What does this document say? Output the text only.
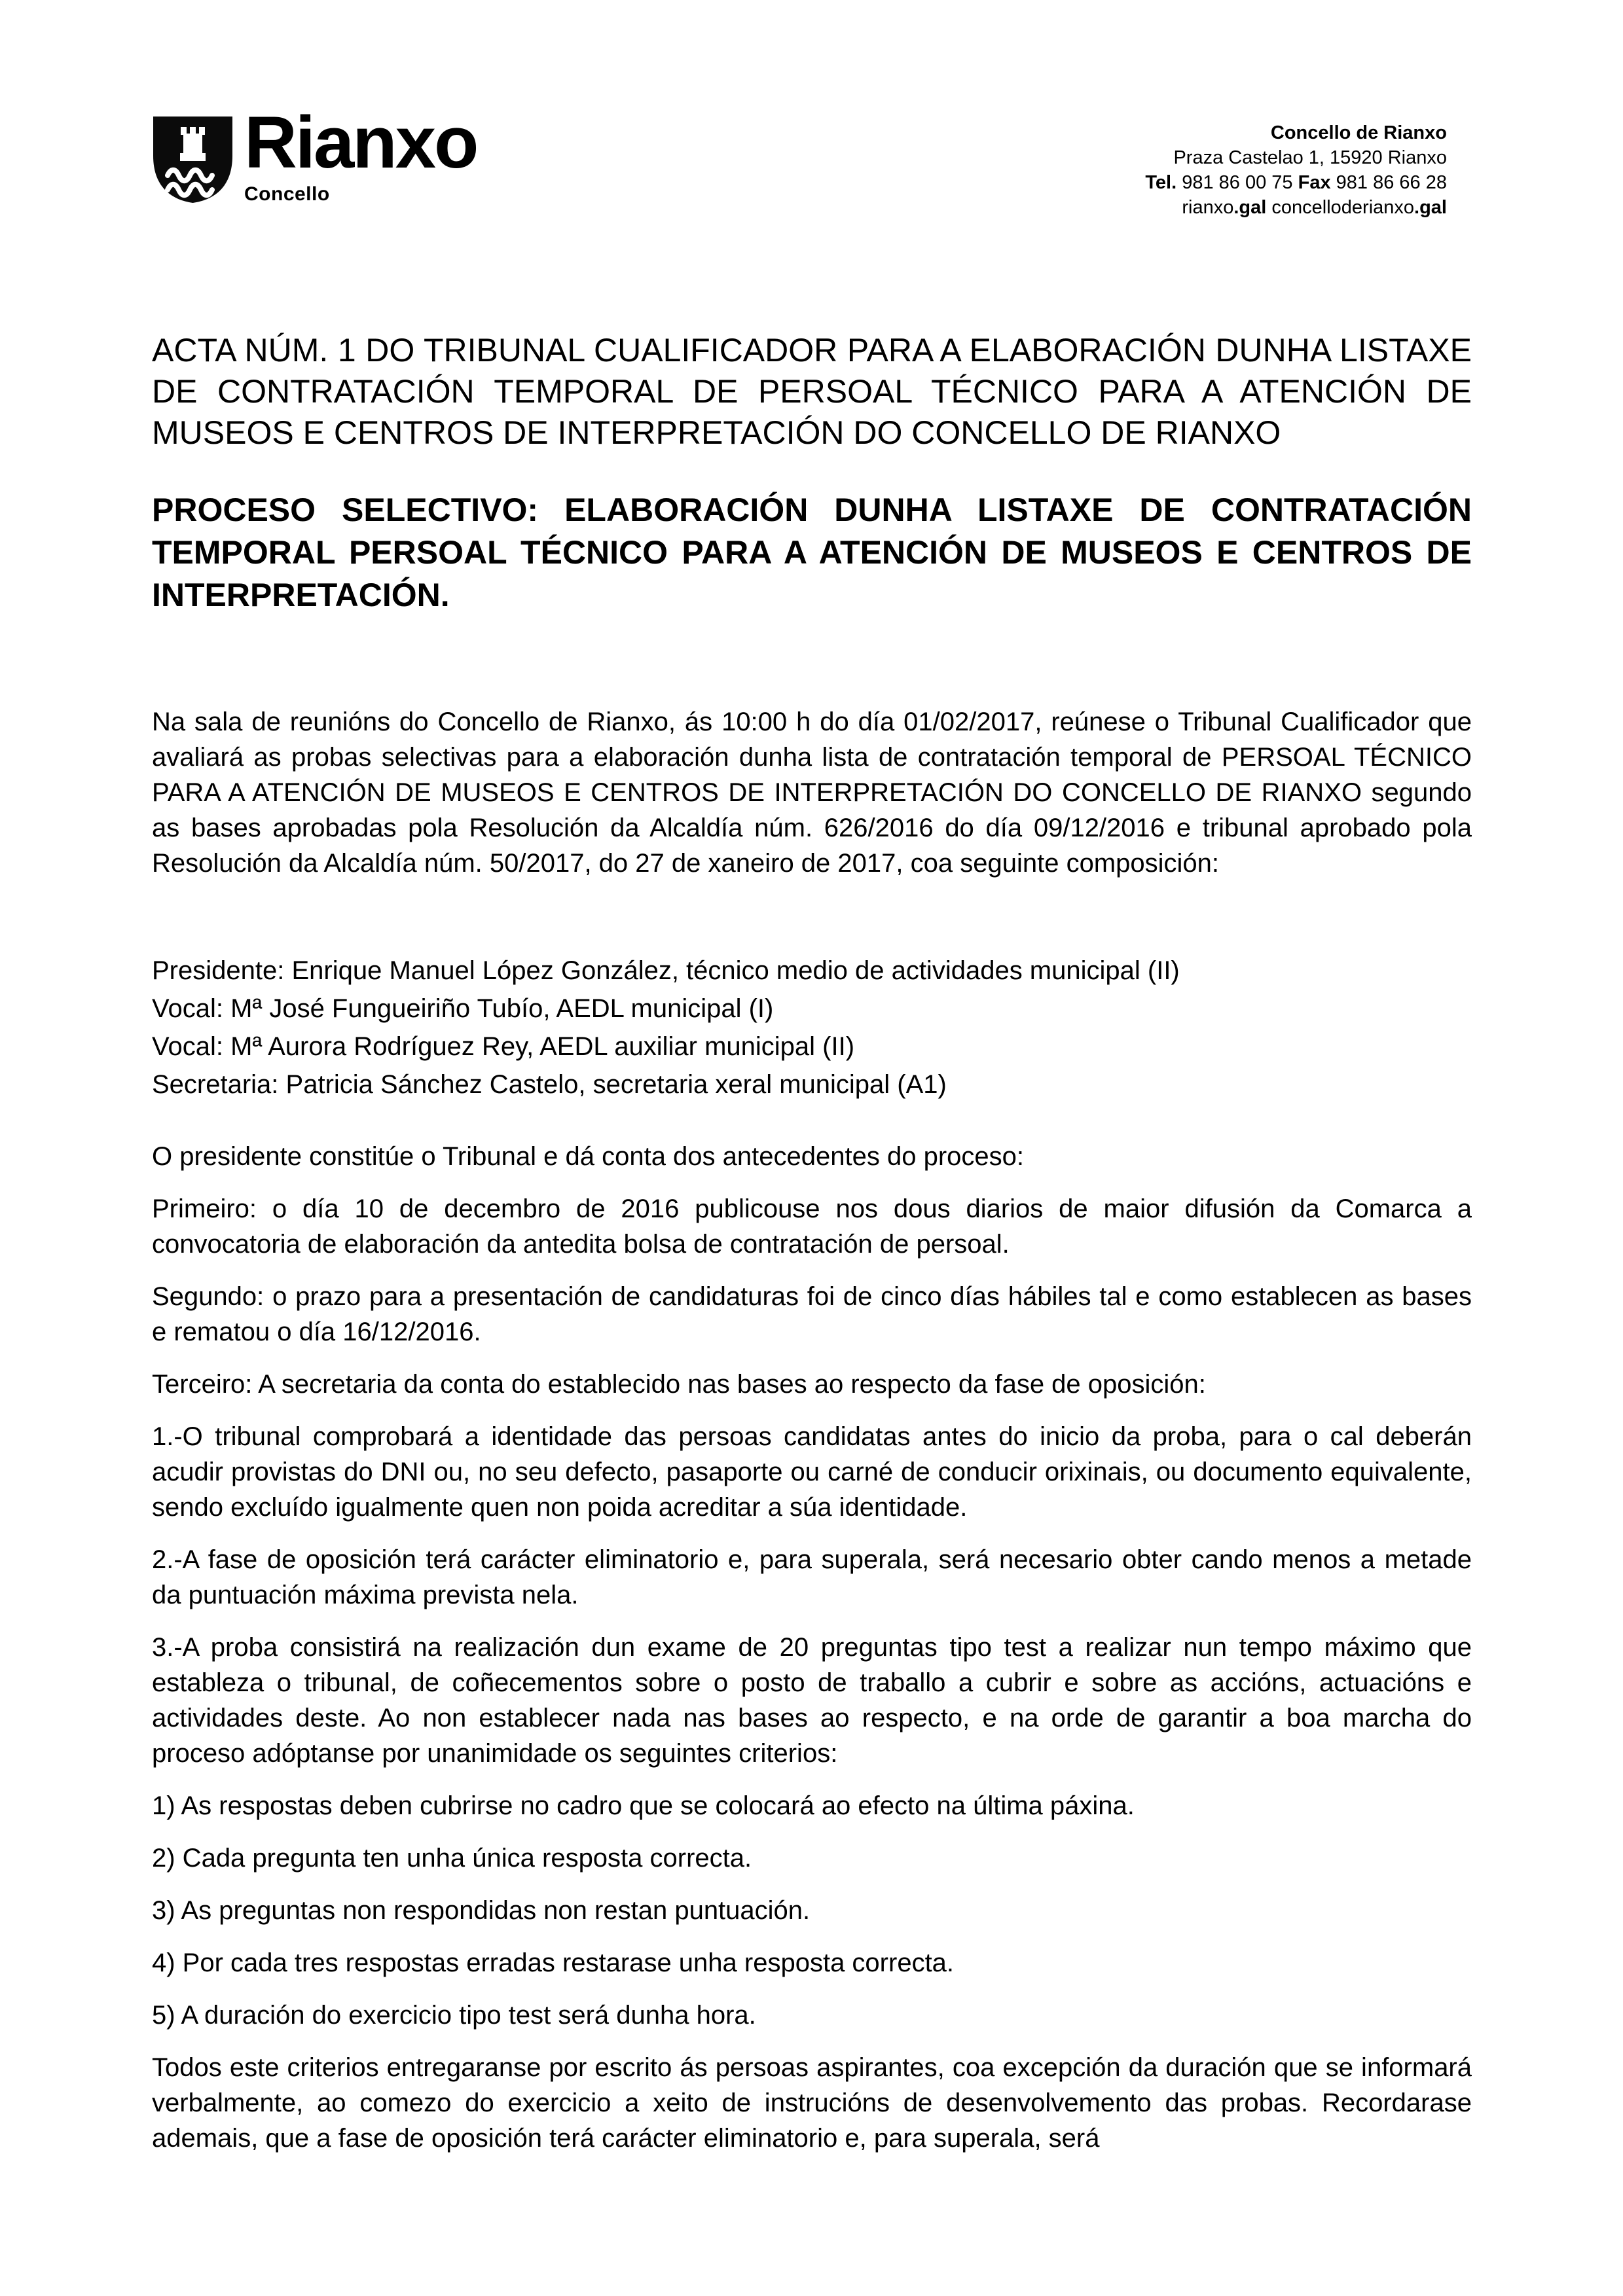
Rianxo
Concello
Concello de Rianxo
Praza Castelao 1, 15920 Rianxo
Tel. 981 86 00 75 Fax 981 86 66 28
rianxo.gal concelloderianxo.gal
ACTA NÚM. 1 DO TRIBUNAL CUALIFICADOR PARA A ELABORACIÓN DUNHA LISTAXE DE CONTRATACIÓN TEMPORAL DE PERSOAL TÉCNICO PARA A ATENCIÓN DE MUSEOS E CENTROS DE INTERPRETACIÓN DO CONCELLO DE RIANXO
PROCESO SELECTIVO: ELABORACIÓN DUNHA LISTAXE DE CONTRATACIÓN TEMPORAL PERSOAL TÉCNICO PARA A ATENCIÓN DE MUSEOS E CENTROS DE INTERPRETACIÓN.

Na sala de reunións do Concello de Rianxo, ás 10:00 h do día 01/02/2017, reúnese o Tribunal Cualificador que avaliará as probas selectivas para a elaboración dunha lista de contratación temporal de PERSOAL TÉCNICO PARA A ATENCIÓN DE MUSEOS E CENTROS DE INTERPRETACIÓN DO CONCELLO DE RIANXO segundo as bases aprobadas pola Resolución da Alcaldía núm. 626/2016 do día 09/12/2016 e tribunal aprobado pola Resolución da Alcaldía núm. 50/2017, do 27 de xaneiro de 2017, coa seguinte composición:

Presidente: Enrique Manuel López González, técnico medio de actividades municipal (II)
Vocal: Mª José Fungueiriño Tubío, AEDL municipal (I)
Vocal: Mª Aurora Rodríguez Rey, AEDL auxiliar municipal (II)
Secretaria: Patricia Sánchez Castelo, secretaria xeral municipal (A1)

O presidente constitúe o Tribunal e dá conta dos antecedentes do proceso:

Primeiro: o día 10 de decembro de 2016 publicouse nos dous diarios de maior difusión da Comarca a convocatoria de elaboración da antedita bolsa de contratación de persoal.

Segundo: o prazo para a presentación de candidaturas foi de cinco días hábiles tal e como establecen as bases e rematou o día 16/12/2016.

Terceiro: A secretaria da conta do establecido nas bases ao respecto da fase de oposición:

1.-O tribunal comprobará a identidade das persoas candidatas antes do inicio da proba, para o cal deberán acudir provistas do DNI ou, no seu defecto, pasaporte ou carné de conducir orixinais, ou documento equivalente, sendo excluído igualmente quen non poida acreditar a súa identidade.

2.-A fase de oposición terá carácter eliminatorio e, para superala, será necesario obter cando menos a metade da puntuación máxima prevista nela.

3.-A proba consistirá na realización dun exame de 20 preguntas tipo test a realizar nun tempo máximo que estableza o tribunal, de coñecementos sobre o posto de traballo a cubrir e sobre as accións, actuacións e actividades deste. Ao non establecer nada nas bases ao respecto, e na orde de garantir a boa marcha do proceso adóptanse por unanimidade os seguintes criterios:

1) As respostas deben cubrirse no cadro que se colocará ao efecto na última páxina.

2) Cada pregunta ten unha única resposta correcta.

3) As preguntas non respondidas non restan puntuación.

4) Por cada tres respostas erradas restarase unha resposta correcta.

5) A duración do exercicio tipo test será dunha hora.

Todos este criterios entregaranse por escrito ás persoas aspirantes, coa excepción da duración que se informará verbalmente, ao comezo do exercicio a xeito de instrucións de desenvolvemento das probas. Recordarase ademais, que a fase de oposición terá carácter eliminatorio e, para superala, será
